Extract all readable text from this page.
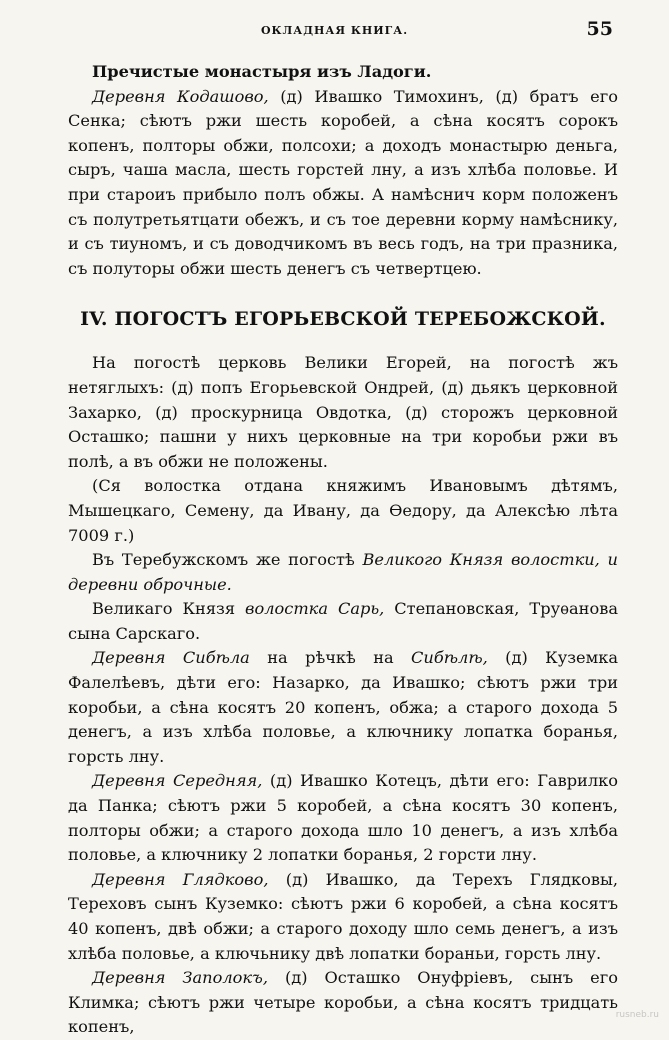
ОКЛАДНАЯ КНИГА.	55

Пречистые монастыря изъ Ладоги.

Деревня Кодашово, (д) Ивашко Тимохинъ, (д) братъ его Сенка; сѣютъ ржи шесть коробей, а сѣна косятъ сорокъ копенъ, полторы обжи, полсохи; а доходъ монастырю деньга, сыръ, чаша масла, шесть горстей лну, а изъ хлѣба половье. И при староиъ прибыло полъ обжы. А намѣснич корм положенъ съ полутретьятцати обежъ, и съ тое деревни корму намѣснику, и съ тиуномъ, и съ доводчикомъ въ весь годъ, на три празника, съ полуторы обжи шесть денегъ съ четвертцею.

IV. ПОГОСТЪ ЕГОРЬЕВСКОЙ ТЕРЕБОЖСКОЙ.

На погостѣ церковь Велики Егорей, на погостѣ жъ нетяглыхъ: (д) попъ Егорьевской Ондрей, (д) дьякъ церковной Захарко, (д) проскурница Овдотка, (д) сторожъ церковной Осташко; пашни у нихъ церковные на три коробьи ржи въ полѣ, а въ обжи не положены.

(Ся волостка отдана княжимъ Ивановымъ дѣтямъ, Мышецкаго, Семену, да Ивану, да Ѳедору, да Алексѣю лѣта 7009 г.)

Въ Теребужскомъ же погостѣ Великого Князя волостки, и деревни оброчные.

Великаго Князя волостка Сарь, Степановская, Труѳанова сына Сарскаго.

Деревня Сибѣла на рѣчкѣ на Сибѣлѣ, (д) Куземка Фалелѣевъ, дѣти его: Назарко, да Ивашко; сѣютъ ржи три коробьи, а сѣна косятъ 20 копенъ, обжа; а старого дохода 5 денегъ, а изъ хлѣба половье, а ключнику лопатка боранья, горсть лну.

Деревня Середняя, (д) Ивашко Котецъ, дѣти его: Гаврилко да Панка; сѣютъ ржи 5 коробей, а сѣна косятъ 30 копенъ, полторы обжи; а старого дохода шло 10 денегъ, а изъ хлѣба половье, а ключнику 2 лопатки боранья, 2 горсти лну.

Деревня Глядково, (д) Ивашко, да Терехъ Глядковы, Тереховъ сынъ Куземко: сѣютъ ржи 6 коробей, а сѣна косятъ 40 копенъ, двѣ обжи; а старого доходу шло семь денегъ, а изъ хлѣба половье, а ключьнику двѣ лопатки бораньи, горсть лну.

Деревня Заполокъ, (д) Осташко Онуфріевъ, сынъ его Климка; сѣютъ ржи четыре коробьи, а сѣна косятъ тридцать копенъ,

rusneb.ru
